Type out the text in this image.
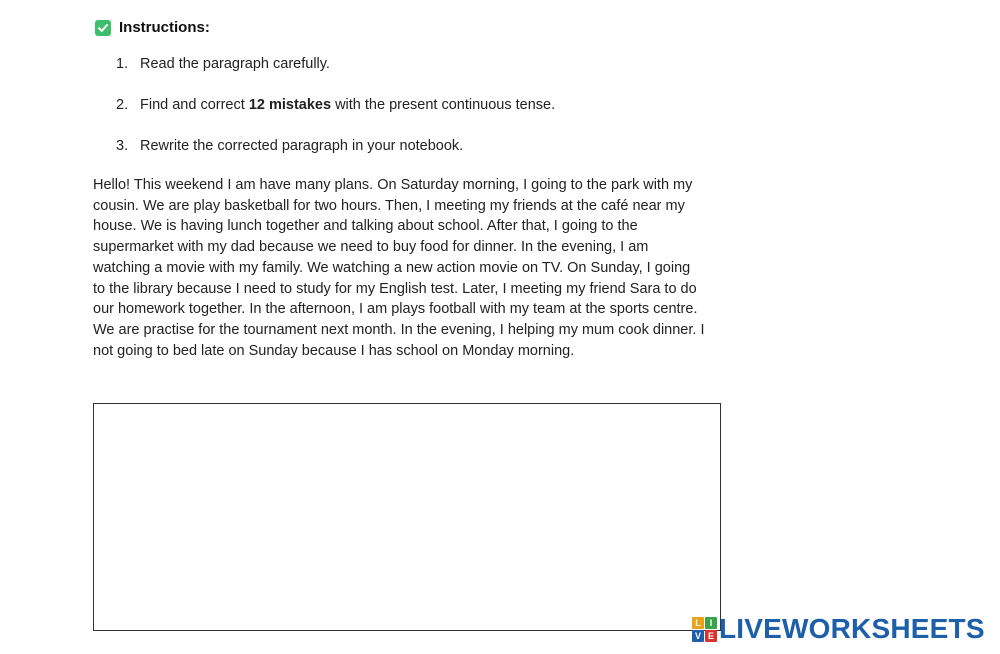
Instructions:
1. Read the paragraph carefully.
2. Find and correct 12 mistakes with the present continuous tense.
3. Rewrite the corrected paragraph in your notebook.
Hello! This weekend I am have many plans. On Saturday morning, I going to the park with my cousin. We are play basketball for two hours. Then, I meeting my friends at the café near my house. We is having lunch together and talking about school. After that, I going to the supermarket with my dad because we need to buy food for dinner. In the evening, I am watching a movie with my family. We watching a new action movie on TV. On Sunday, I going to the library because I need to study for my English test. Later, I meeting my friend Sara to do our homework together. In the afternoon, I am plays football with my team at the sports centre. We are practise for the tournament next month. In the evening, I helping my mum cook dinner. I not going to bed late on Sunday because I has school on Monday morning.
L I
V E LIVEWORKSHEETS
